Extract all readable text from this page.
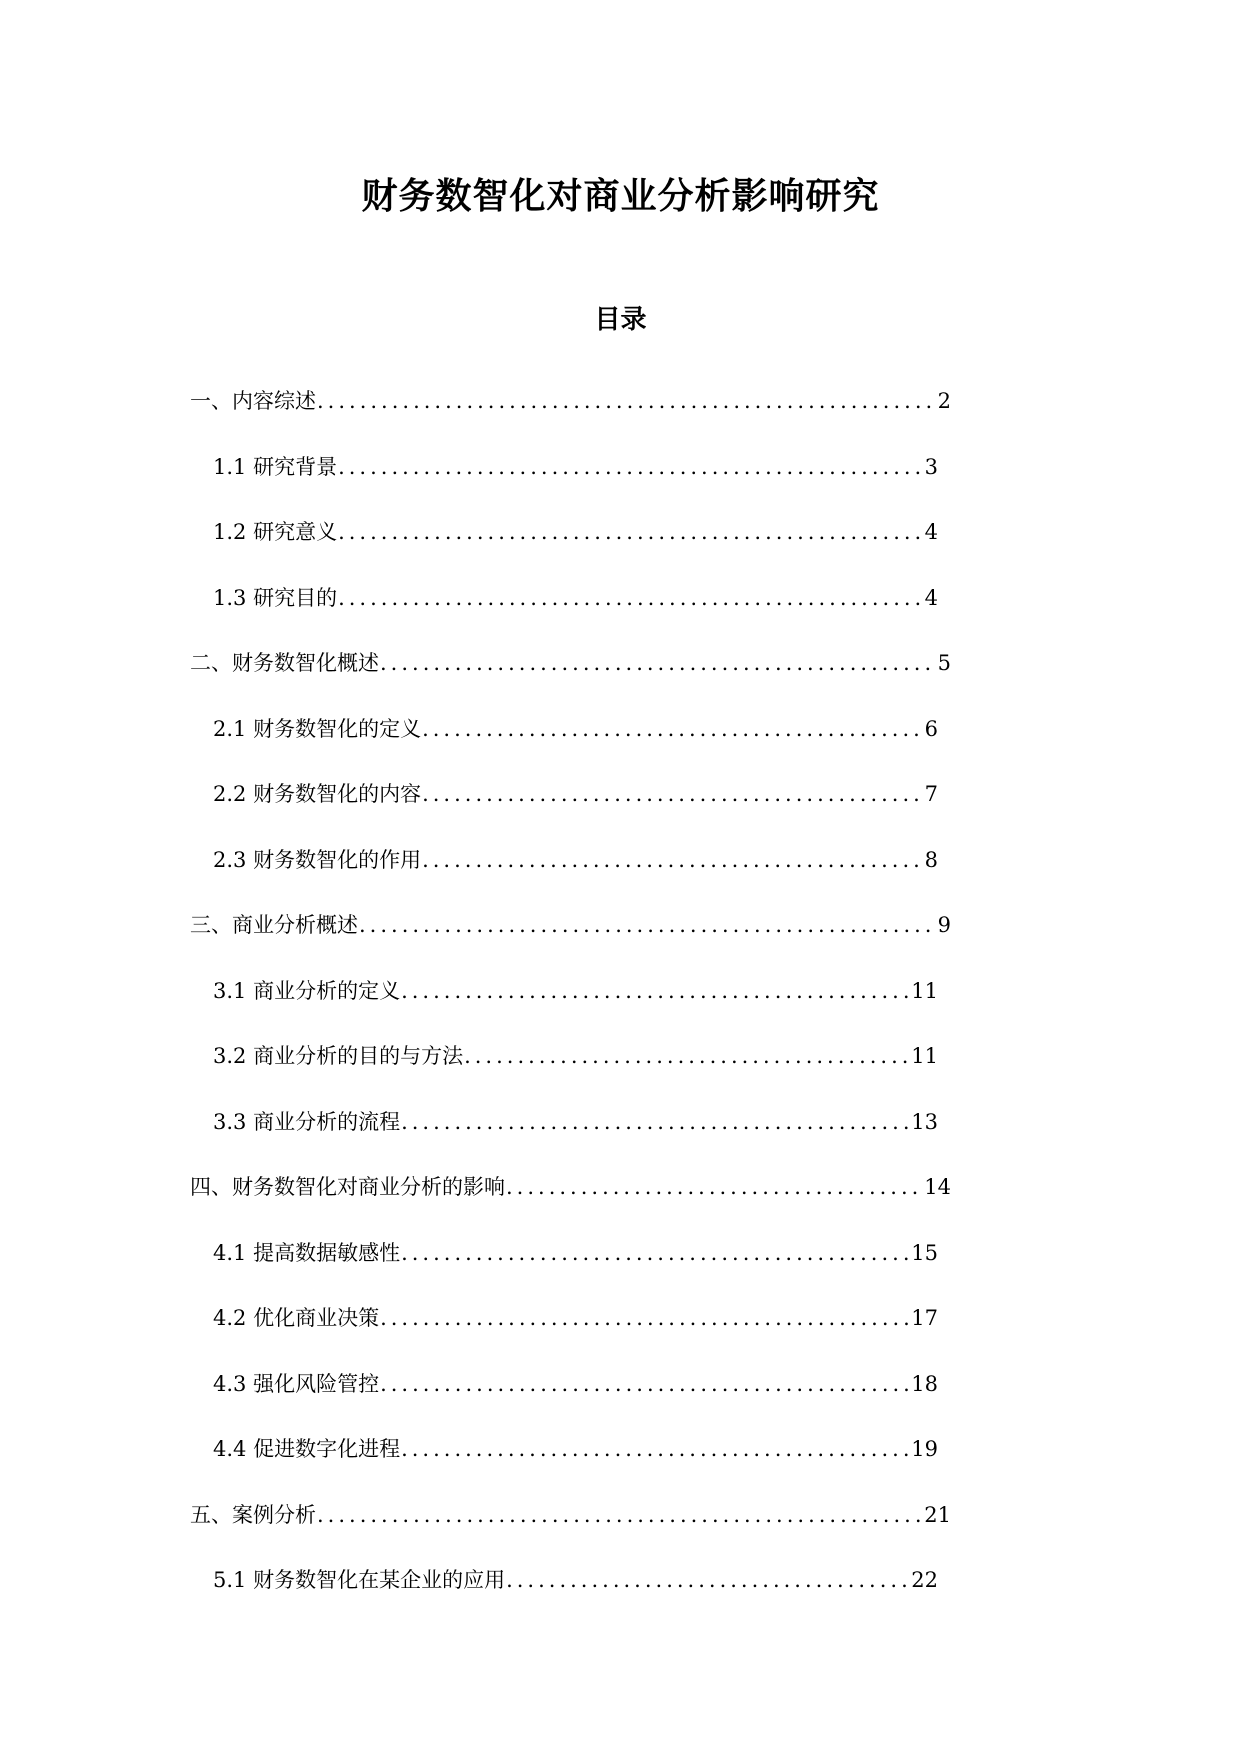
财务数智化对商业分析影响研究
目录
一、内容综述 .....	2
1.1 研究背景 .....	3
1.2 研究意义 .....	4
1.3 研究目的 .....	4
二、财务数智化概述 .....	5
2.1 财务数智化的定义 .....	6
2.2 财务数智化的内容 .....	7
2.3 财务数智化的作用 .....	8
三、商业分析概述 .....	9
3.1 商业分析的定义 .....	11
3.2 商业分析的目的与方法 .....	11
3.3 商业分析的流程 .....	13
四、财务数智化对商业分析的影响 .....	14
4.1 提高数据敏感性 .....	15
4.2 优化商业决策 .....	17
4.3 强化风险管控 .....	18
4.4 促进数字化进程 .....	19
五、案例分析 .....	21
5.1 财务数智化在某企业的应用 .....	22
